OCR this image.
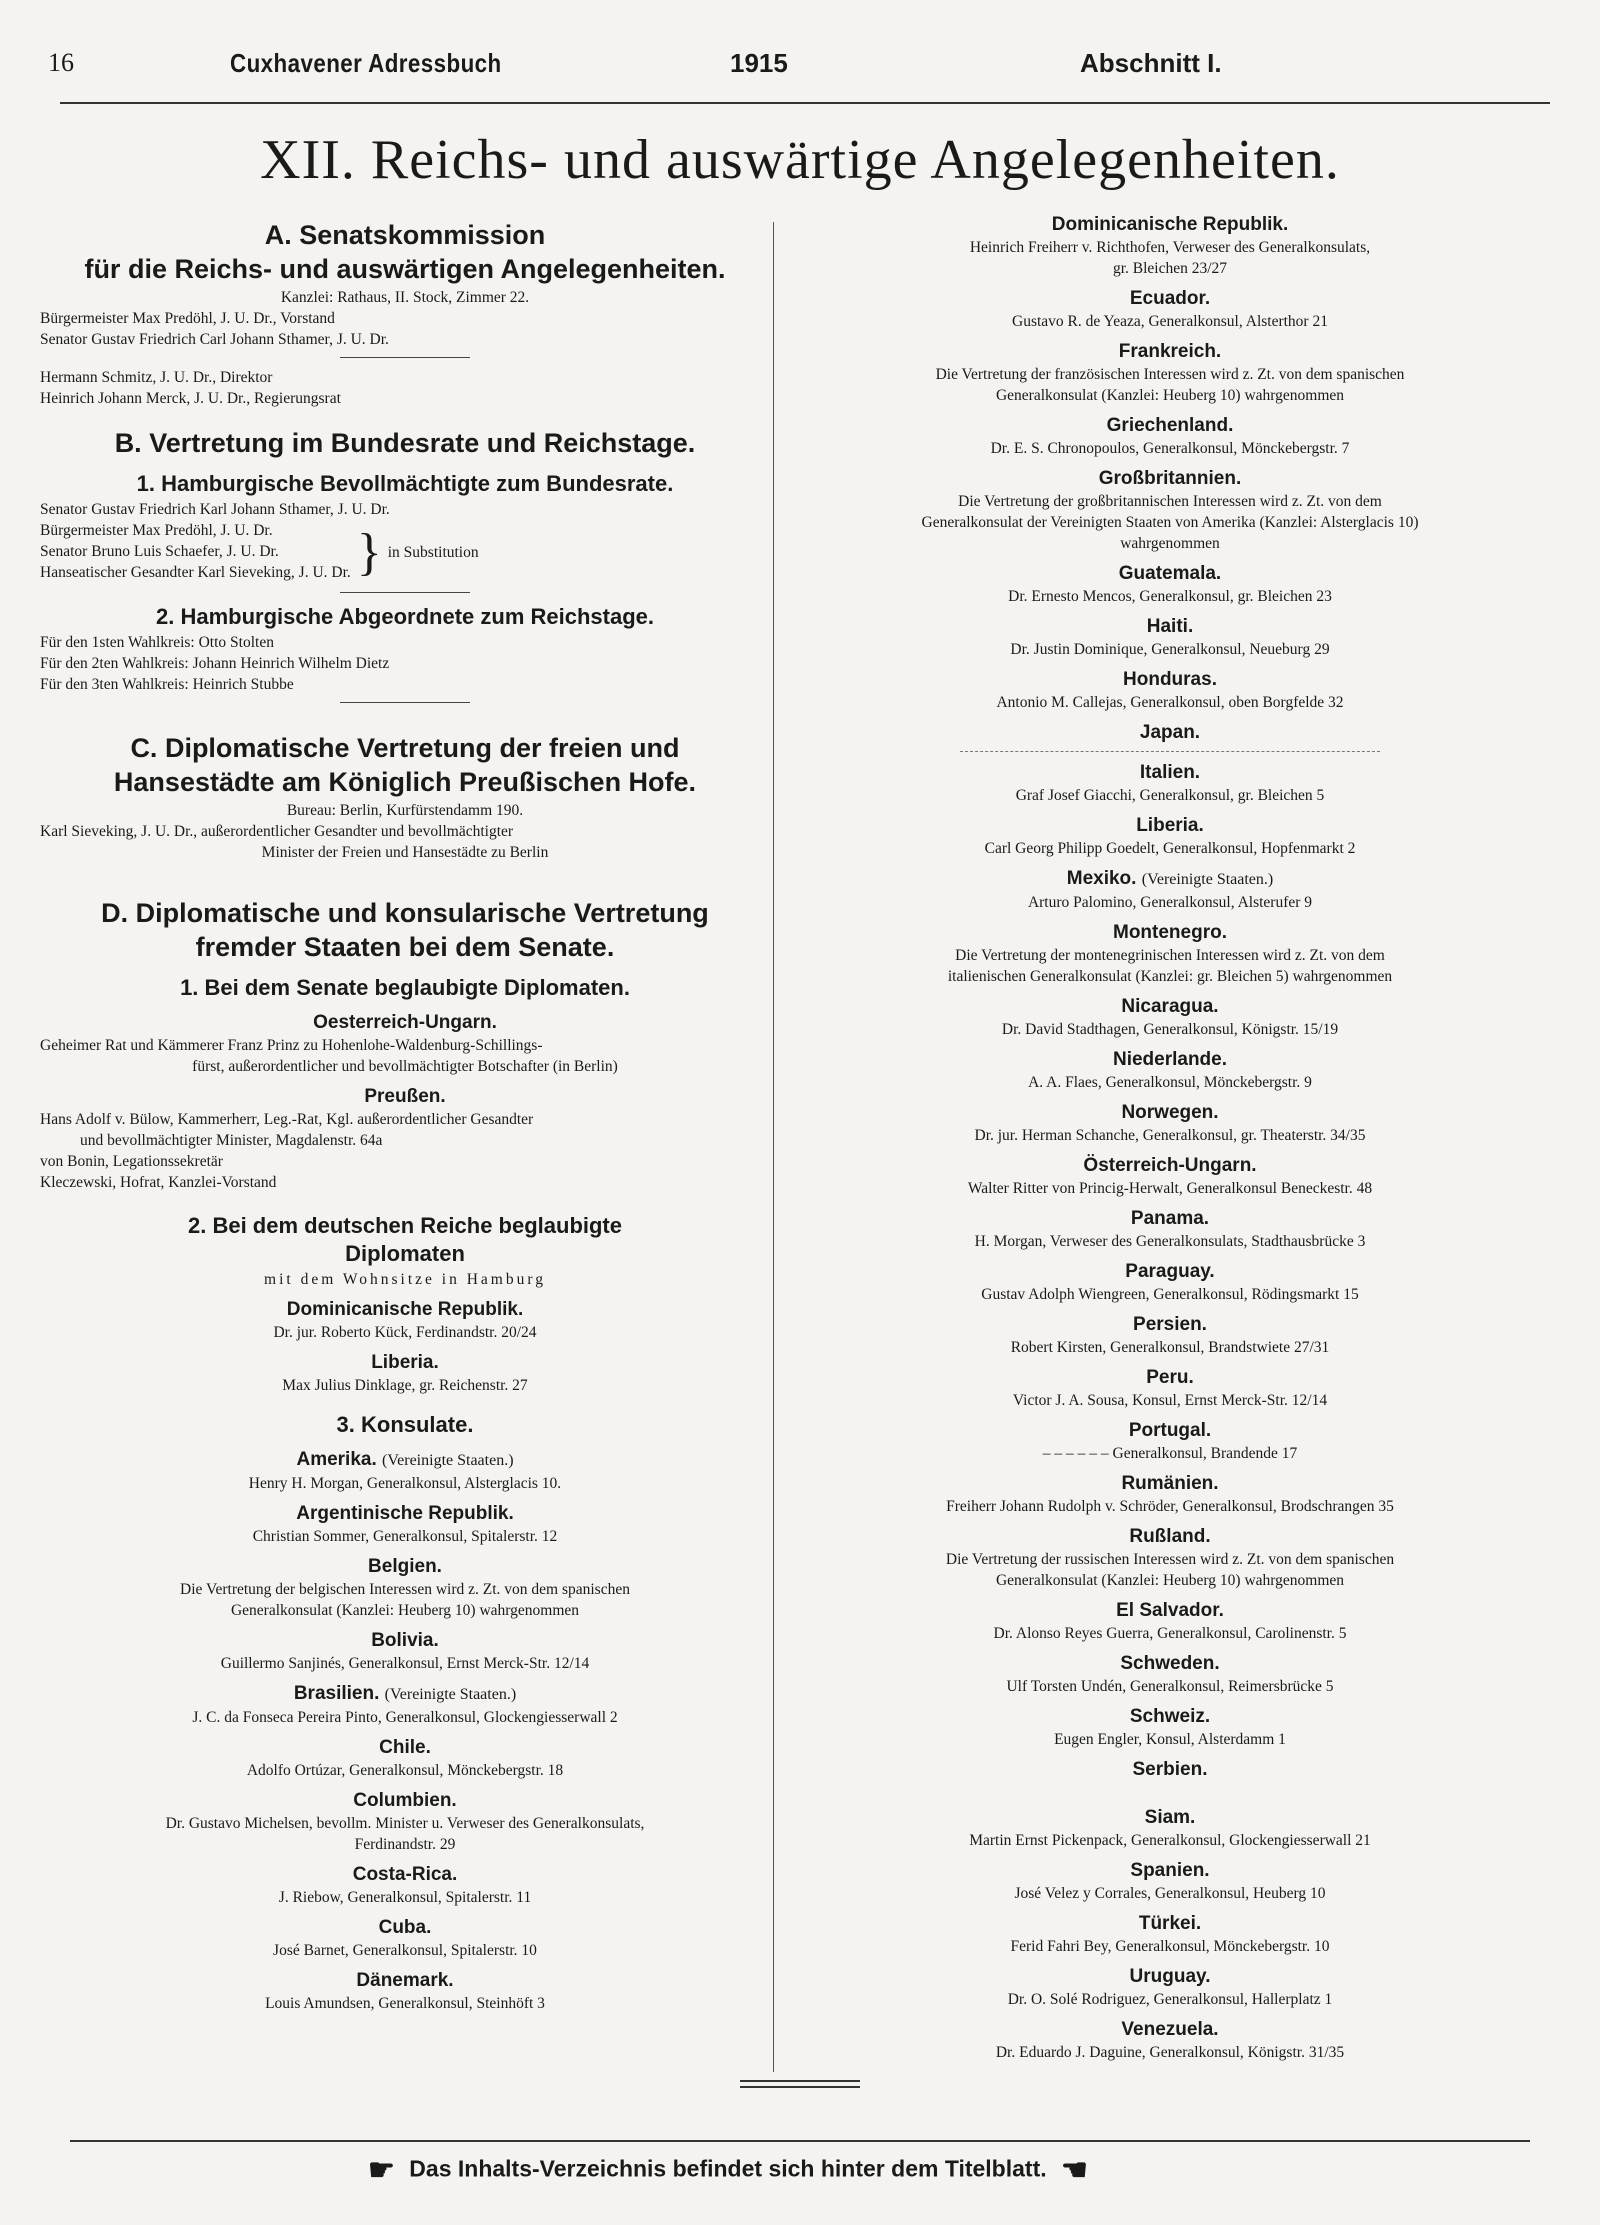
16	Cuxhavener Adressbuch	1915	Abschnitt I.
XII. Reichs- und auswärtige Angelegenheiten.
A. Senatskommission
für die Reichs- und auswärtigen Angelegenheiten.
Kanzlei: Rathaus, II. Stock, Zimmer 22.
Bürgermeister Max Predöhl, J. U. Dr., Vorstand
Senator Gustav Friedrich Carl Johann Sthamer, J. U. Dr.
Hermann Schmitz, J. U. Dr., Direktor
Heinrich Johann Merck, J. U. Dr., Regierungsrat
B. Vertretung im Bundesrate und Reichstage.
1. Hamburgische Bevollmächtigte zum Bundesrate.
Senator Gustav Friedrich Karl Johann Sthamer, J. U. Dr.
Bürgermeister Max Predöhl, J. U. Dr.
Senator Bruno Luis Schaefer, J. U. Dr.
Hanseatischer Gesandter Karl Sieveking, J. U. Dr. } in Substitution
2. Hamburgische Abgeordnete zum Reichstage.
Für den 1sten Wahlkreis: Otto Stolten
Für den 2ten Wahlkreis: Johann Heinrich Wilhelm Dietz
Für den 3ten Wahlkreis: Heinrich Stubbe
C. Diplomatische Vertretung der freien und
Hansestädte am Königlich Preußischen Hofe.
Bureau: Berlin, Kurfürstendamm 190.
Karl Sieveking, J. U. Dr., außerordentlicher Gesandter und bevollmächtigter
Minister der Freien und Hansestädte zu Berlin
D. Diplomatische und konsularische Vertretung
fremder Staaten bei dem Senate.
1. Bei dem Senate beglaubigte Diplomaten.
Oesterreich-Ungarn.
Geheimer Rat und Kämmerer Franz Prinz zu Hohenlohe-Waldenburg-Schillings-
fürst, außerordentlicher und bevollmächtigter Botschafter (in Berlin)
Preußen.
Hans Adolf v. Bülow, Kammerherr, Leg.-Rat, Kgl. außerordentlicher Gesandter
und bevollmächtigter Minister, Magdalenstr. 64a
von Bonin, Legationssekretär
Kleczewski, Hofrat, Kanzlei-Vorstand
2. Bei dem deutschen Reiche beglaubigte
Diplomaten
mit dem Wohnsitze in Hamburg
Dominicanische Republik.
Dr. jur. Roberto Kück, Ferdinandstr. 20/24
Liberia.
Max Julius Dinklage, gr. Reichenstr. 27
3. Konsulate.
Amerika. (Vereinigte Staaten.)
Henry H. Morgan, Generalkonsul, Alsterglacis 10.
Argentinische Republik.
Christian Sommer, Generalkonsul, Spitalerstr. 12
Belgien.
Die Vertretung der belgischen Interessen wird z. Zt. von dem spanischen
Generalkonsulat (Kanzlei: Heuberg 10) wahrgenommen
Bolivia.
Guillermo Sanjinés, Generalkonsul, Ernst Merck-Str. 12/14
Brasilien. (Vereinigte Staaten.)
J. C. da Fonseca Pereira Pinto, Generalkonsul, Glockengiesserwall 2
Chile.
Adolfo Ortúzar, Generalkonsul, Mönckebergstr. 18
Columbien.
Dr. Gustavo Michelsen, bevollm. Minister u. Verweser des Generalkonsulats,
Ferdinandstr. 29
Costa-Rica.
J. Riebow, Generalkonsul, Spitalerstr. 11
Cuba.
José Barnet, Generalkonsul, Spitalerstr. 10
Dänemark.
Louis Amundsen, Generalkonsul, Steinhöft 3
Dominicanische Republik.
Heinrich Freiherr v. Richthofen, Verweser des Generalkonsulats,
gr. Bleichen 23/27
Ecuador.
Gustavo R. de Yeaza, Generalkonsul, Alsterthor 21
Frankreich.
Die Vertretung der französischen Interessen wird z. Zt. von dem spanischen
Generalkonsulat (Kanzlei: Heuberg 10) wahrgenommen
Griechenland.
Dr. E. S. Chronopoulos, Generalkonsul, Mönckebergstr. 7
Großbritannien.
Die Vertretung der großbritannischen Interessen wird z. Zt. von dem
Generalkonsulat der Vereinigten Staaten von Amerika (Kanzlei: Alsterglacis 10)
wahrgenommen
Guatemala.
Dr. Ernesto Mencos, Generalkonsul, gr. Bleichen 23
Haiti.
Dr. Justin Dominique, Generalkonsul, Neueburg 29
Honduras.
Antonio M. Callejas, Generalkonsul, oben Borgfelde 32
Japan.
Italien.
Graf Josef Giacchi, Generalkonsul, gr. Bleichen 5
Liberia.
Carl Georg Philipp Goedelt, Generalkonsul, Hopfenmarkt 2
Mexiko. (Vereinigte Staaten.)
Arturo Palomino, Generalkonsul, Alsterufer 9
Montenegro.
Die Vertretung der montenegrinischen Interessen wird z. Zt. von dem
italienischen Generalkonsulat (Kanzlei: gr. Bleichen 5) wahrgenommen
Nicaragua.
Dr. David Stadthagen, Generalkonsul, Königstr. 15/19
Niederlande.
A. A. Flaes, Generalkonsul, Mönckebergstr. 9
Norwegen.
Dr. jur. Herman Schanche, Generalkonsul, gr. Theaterstr. 34/35
Österreich-Ungarn.
Walter Ritter von Princig-Herwalt, Generalkonsul Beneckestr. 48
Panama.
H. Morgan, Verweser des Generalkonsulats, Stadthausbrücke 3
Paraguay.
Gustav Adolph Wiengreen, Generalkonsul, Rödingsmarkt 15
Persien.
Robert Kirsten, Generalkonsul, Brandstwiete 27/31
Peru.
Victor J. A. Sousa, Konsul, Ernst Merck-Str. 12/14
Portugal.
– – – – – – Generalkonsul, Brandende 17
Rumänien.
Freiherr Johann Rudolph v. Schröder, Generalkonsul, Brodschrangen 35
Rußland.
Die Vertretung der russischen Interessen wird z. Zt. von dem spanischen
Generalkonsulat (Kanzlei: Heuberg 10) wahrgenommen
El Salvador.
Dr. Alonso Reyes Guerra, Generalkonsul, Carolinenstr. 5
Schweden.
Ulf Torsten Undén, Generalkonsul, Reimersbrücke 5
Schweiz.
Eugen Engler, Konsul, Alsterdamm 1
Serbien.
Siam.
Martin Ernst Pickenpack, Generalkonsul, Glockengiesserwall 21
Spanien.
José Velez y Corrales, Generalkonsul, Heuberg 10
Türkei.
Ferid Fahri Bey, Generalkonsul, Mönckebergstr. 10
Uruguay.
Dr. O. Solé Rodriguez, Generalkonsul, Hallerplatz 1
Venezuela.
Dr. Eduardo J. Daguine, Generalkonsul, Königstr. 31/35
☛ Das Inhalts-Verzeichnis befindet sich hinter dem Titelblatt. ☚
